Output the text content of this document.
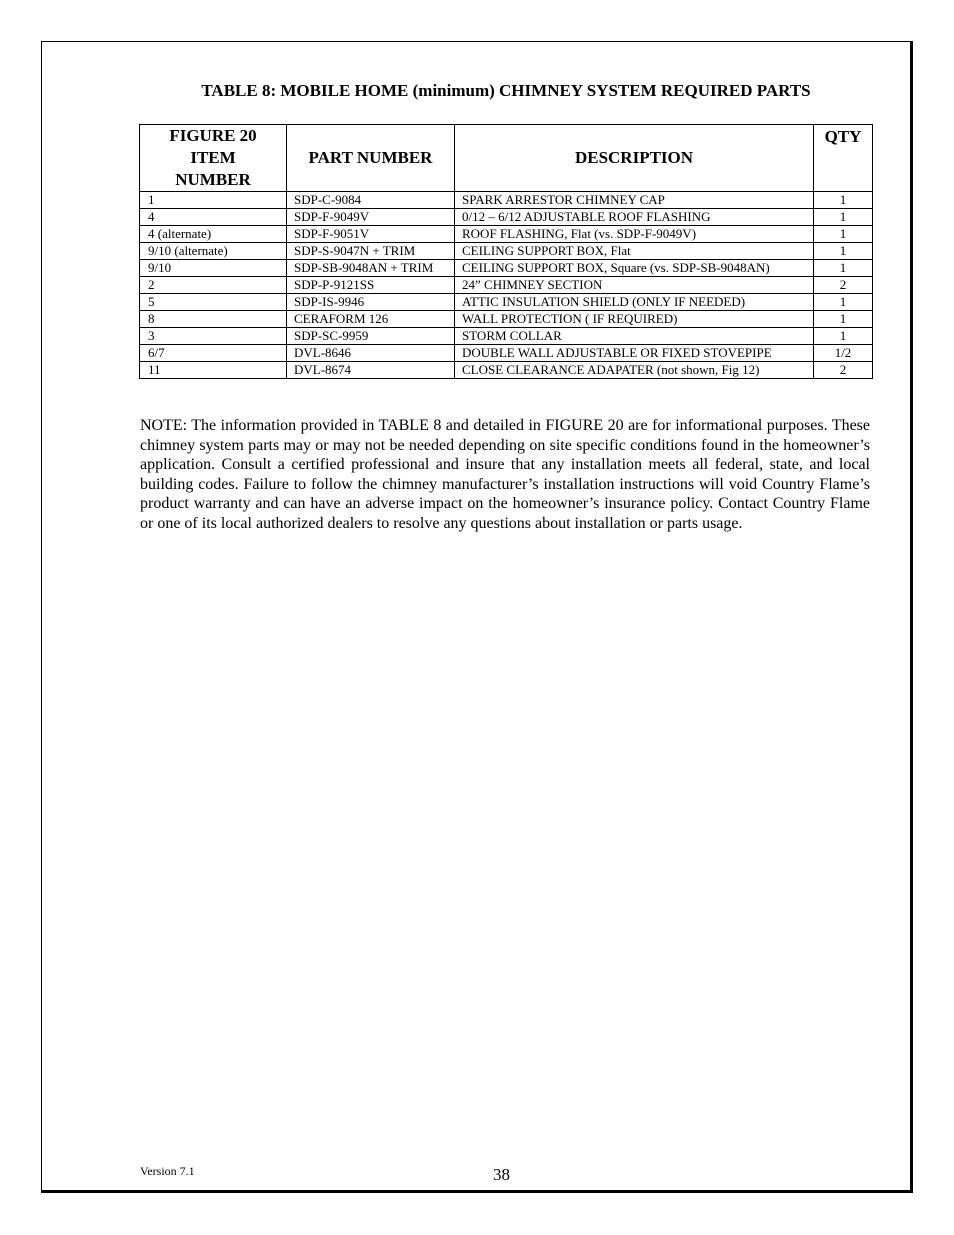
TABLE 8: MOBILE HOME (minimum) CHIMNEY SYSTEM REQUIRED PARTS
FIGURE 20
ITEM
NUMBER	PART NUMBER	DESCRIPTION	QTY
1	SDP-C-9084	SPARK ARRESTOR CHIMNEY CAP	1
4	SDP-F-9049V	0/12 – 6/12 ADJUSTABLE ROOF FLASHING	1
4 (alternate)	SDP-F-9051V	ROOF FLASHING, Flat (vs. SDP-F-9049V)	1
9/10 (alternate)	SDP-S-9047N + TRIM	CEILING SUPPORT BOX, Flat	1
9/10	SDP-SB-9048AN + TRIM	CEILING SUPPORT BOX, Square (vs. SDP-SB-9048AN)	1
2	SDP-P-9121SS	24” CHIMNEY SECTION	2
5	SDP-IS-9946	ATTIC INSULATION SHIELD (ONLY IF NEEDED)	1
8	CERAFORM 126	WALL PROTECTION ( IF REQUIRED)	1
3	SDP-SC-9959	STORM COLLAR	1
6/7	DVL-8646	DOUBLE WALL ADJUSTABLE OR FIXED STOVEPIPE	1/2
11	DVL-8674	CLOSE CLEARANCE ADAPATER (not shown, Fig 12)	2

NOTE: The information provided in TABLE 8 and detailed in FIGURE 20 are for informational purposes. These chimney system parts may or may not be needed depending on site specific conditions found in the homeowner’s application. Consult a certified professional and insure that any installation meets all federal, state, and local building codes. Failure to follow the chimney manufacturer’s installation instructions will void Country Flame’s product warranty and can have an adverse impact on the homeowner’s insurance policy. Contact Country Flame or one of its local authorized dealers to resolve any questions about installation or parts usage.

Version 7.1	38
